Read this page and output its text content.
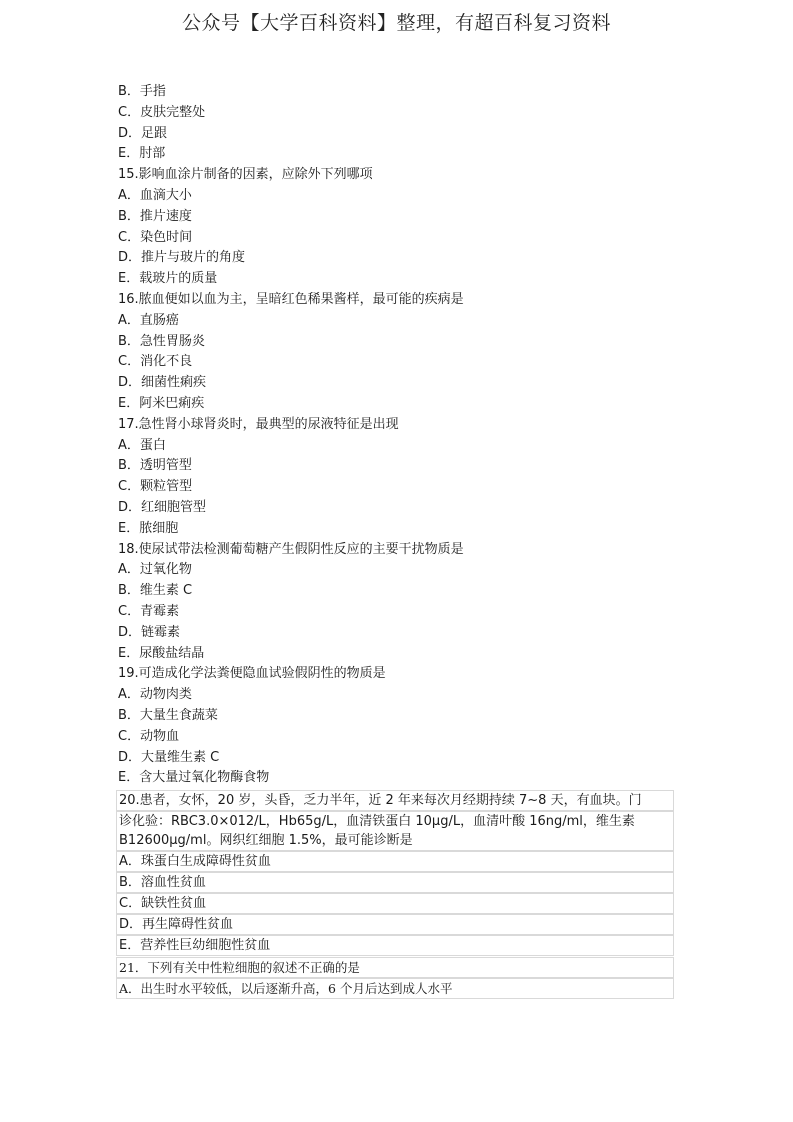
公众号【大学百科资料】整理，有超百科复习资料
B．手指
C．皮肤完整处
D．足跟
E．肘部
15.影响血涂片制备的因素，应除外下列哪项
A．血滴大小
B．推片速度
C．染色时间
D．推片与玻片的角度
E．载玻片的质量
16.脓血便如以血为主，呈暗红色稀果酱样，最可能的疾病是
A．直肠癌
B．急性胃肠炎
C．消化不良
D．细菌性痢疾
E．阿米巴痢疾
17.急性肾小球肾炎时，最典型的尿液特征是出现
A．蛋白
B．透明管型
C．颗粒管型
D．红细胞管型
E．脓细胞
18.使尿试带法检测葡萄糖产生假阴性反应的主要干扰物质是
A．过氧化物
B．维生素 C
C．青霉素
D．链霉素
E．尿酸盐结晶
19.可造成化学法粪便隐血试验假阴性的物质是
A．动物肉类
B．大量生食蔬菜
C．动物血
D．大量维生素 C
E．含大量过氧化物酶食物
20.患者，女怀，20 岁，头昏，乏力半年，近 2 年来每次月经期持续 7~8 天，有血块。门
诊化验：RBC3.0×012/L，Hb65g/L，血清铁蛋白 10μg/L，血清叶酸 16ng/ml，维生素
B12600μg/ml。网织红细胞 1.5%，最可能诊断是
A．珠蛋白生成障碍性贫血
B．溶血性贫血
C．缺铁性贫血
D．再生障碍性贫血
E．营养性巨幼细胞性贫血
21．下列有关中性粒细胞的叙述不正确的是
A．出生时水平较低，以后逐渐升高，6 个月后达到成人水平
